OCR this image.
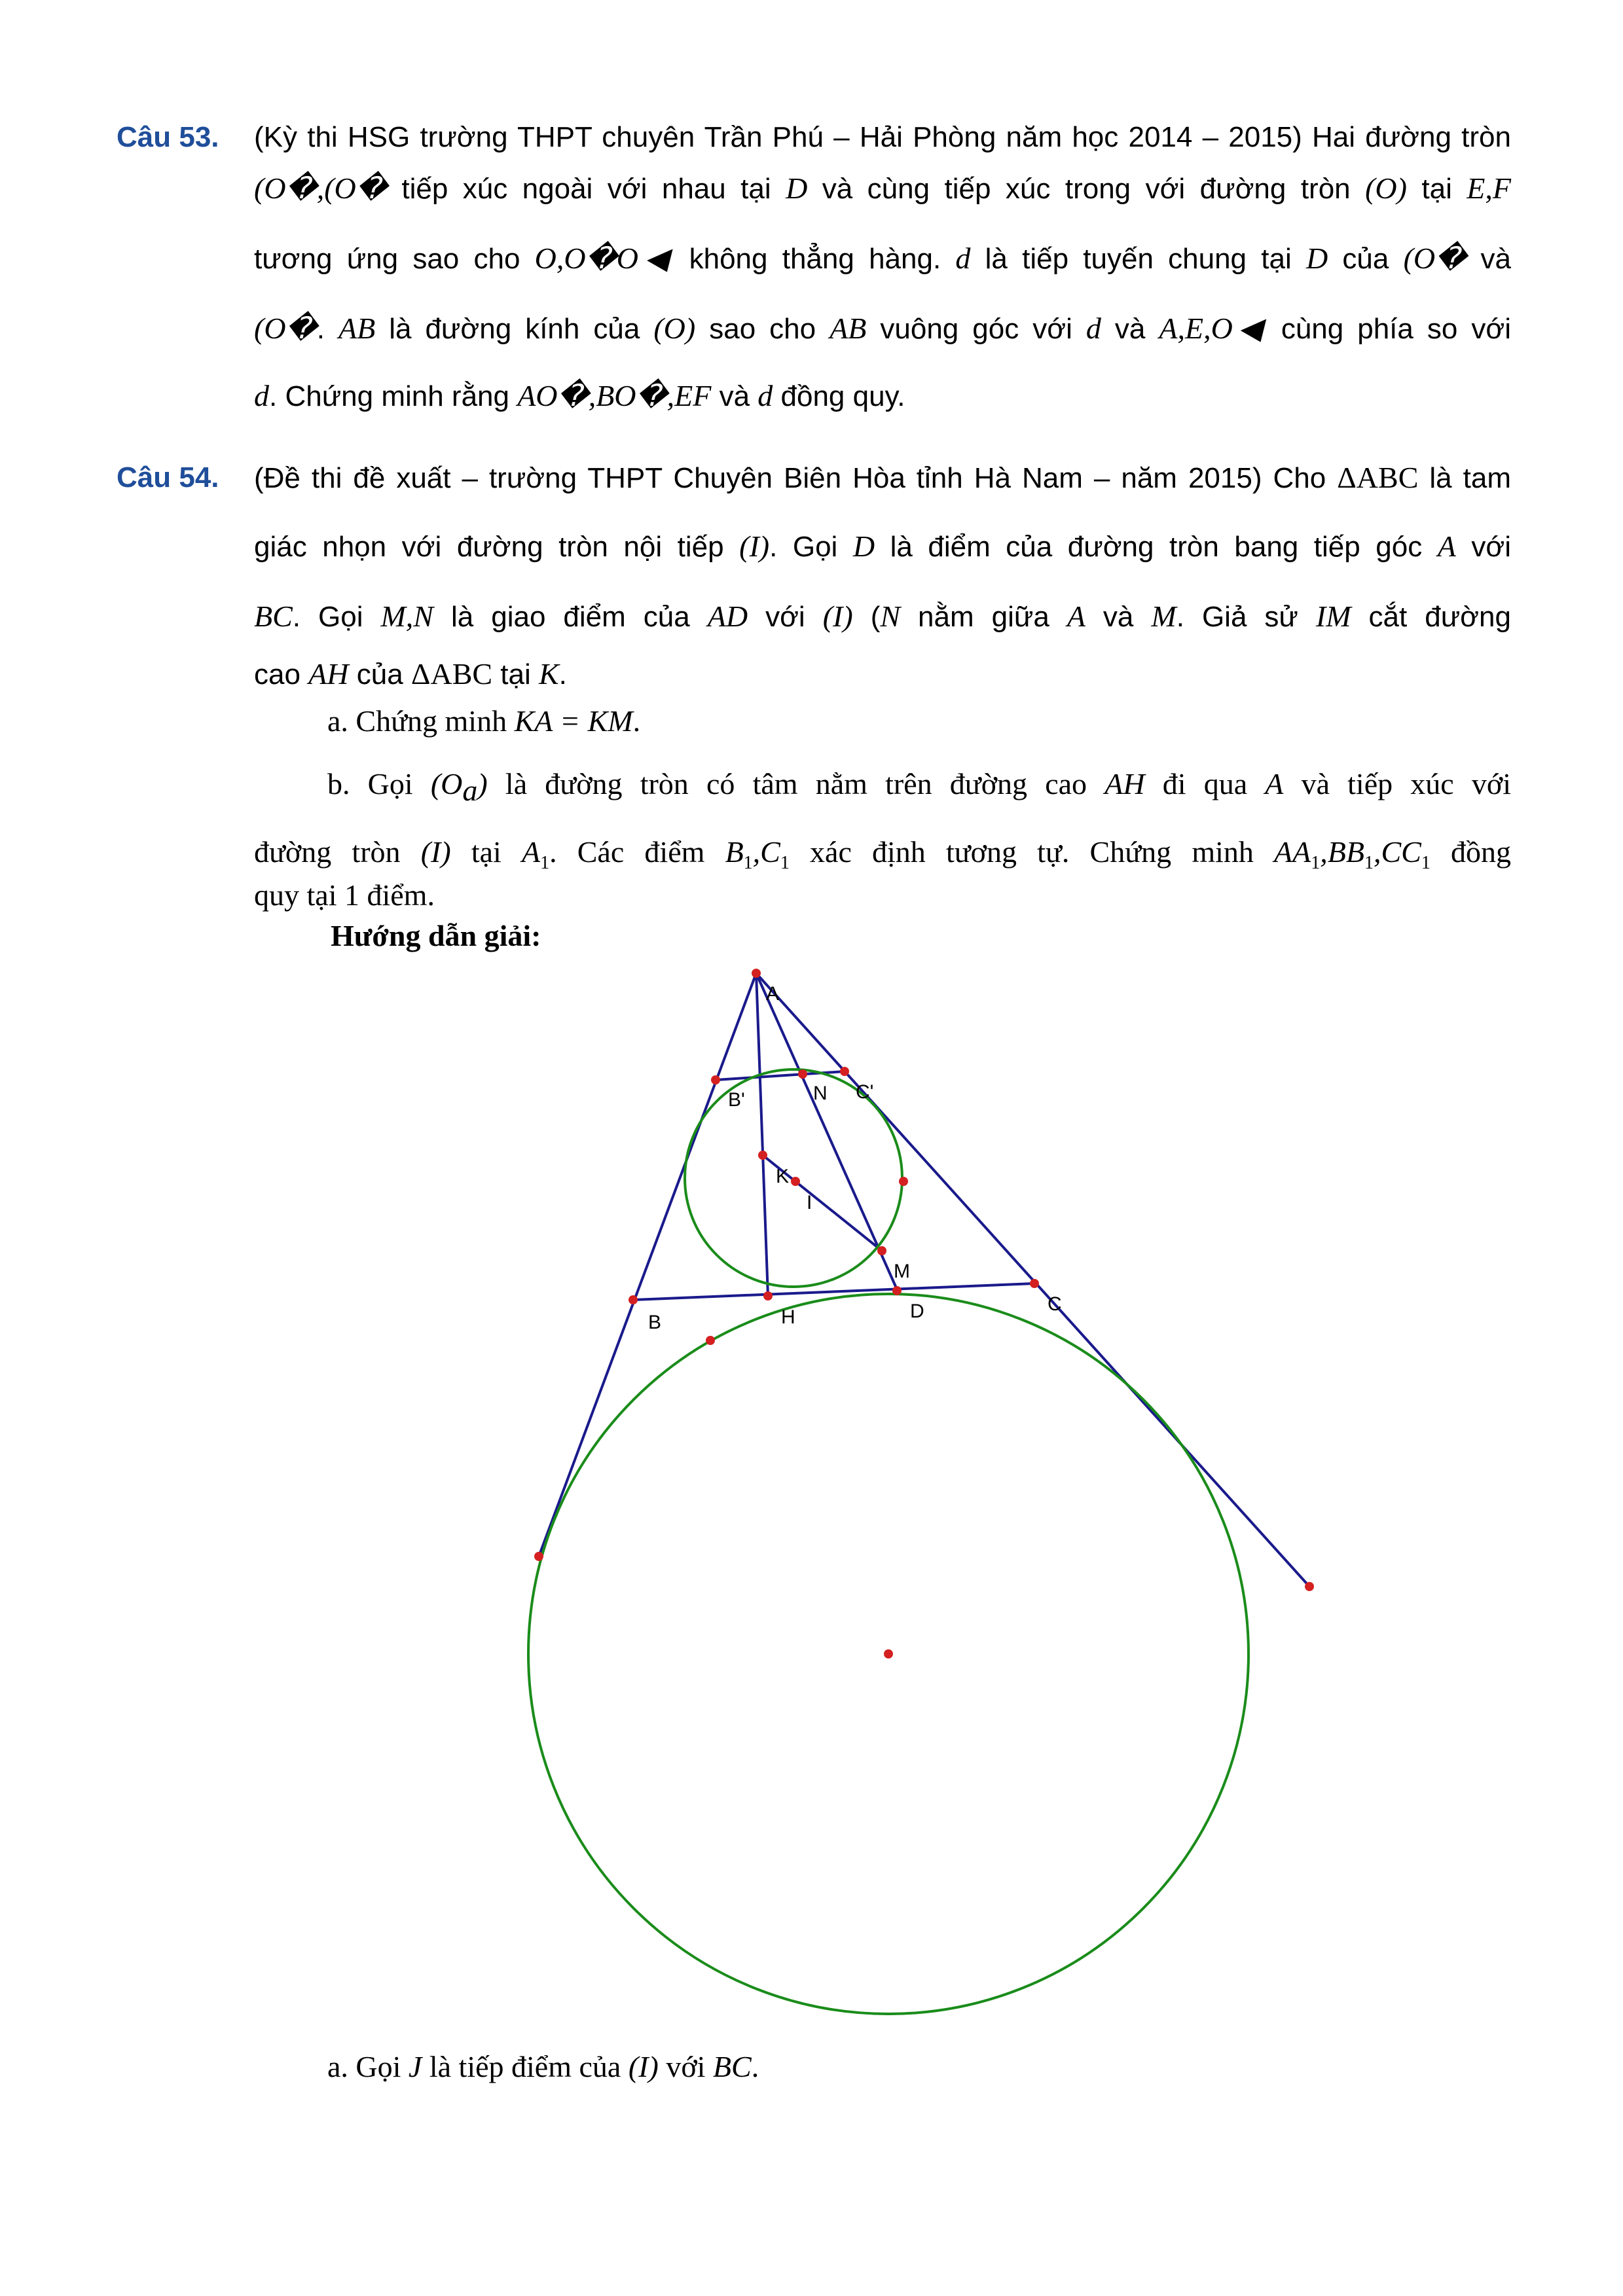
Câu 53. (Kỳ thi HSG trường THPT chuyên Trần Phú – Hải Phòng năm học 2014 – 2015) Hai đường tròn
(O�,(O� tiếp xúc ngoài với nhau tại D và cùng tiếp xúc trong với đường tròn (O) tại E,F
tương ứng sao cho O,O�O◀ không thẳng hàng. d là tiếp tuyến chung tại D của (O� và
(O�. AB là đường kính của (O) sao cho AB vuông góc với d và A,E,O◀ cùng phía so với
d. Chứng minh rằng AO�,BO�,EF và d đồng quy.
Câu 54. (Đề thi đề xuất – trường THPT Chuyên Biên Hòa tỉnh Hà Nam – năm 2015) Cho ΔABC là tam
giác nhọn với đường tròn nội tiếp (I). Gọi D là điểm của đường tròn bang tiếp góc A với
BC. Gọi M,N là giao điểm của AD với (I) (N nằm giữa A và M. Giả sử IM cắt đường
cao AH của ΔABC tại K.
a. Chứng minh KA = KM.
b. Gọi $(O_a)$ là đường tròn có tâm nằm trên đường cao AH đi qua A và tiếp xúc với
đường tròn (I) tại $A_1$. Các điểm $B_1,C_1$ xác định tương tự. Chứng minh $AA_1,BB_1,CC_1$ đồng
quy tại 1 điểm.
Hướng dẫn giải:
A
B'	N C'
K
I
M
B	H	D	C
a. Gọi J là tiếp điểm của (I) với BC.
